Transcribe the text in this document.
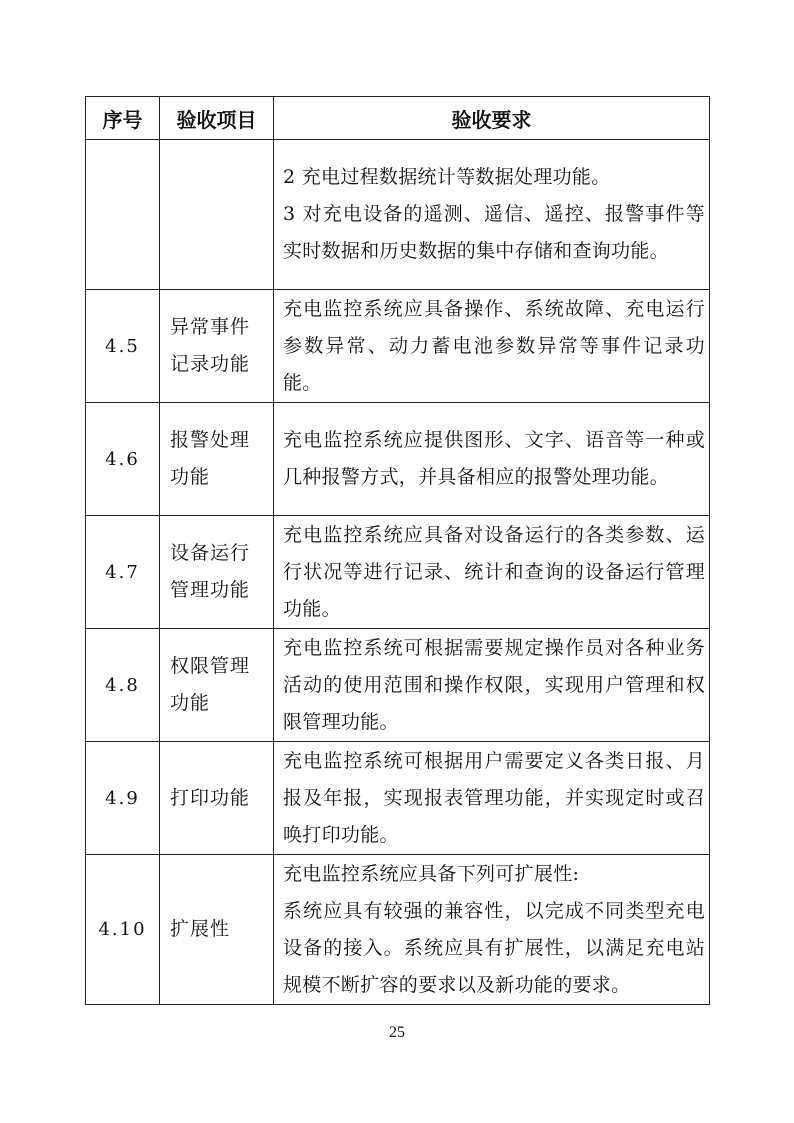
序号	验收项目	验收要求

		2 充电过程数据统计等数据处理功能。
3 对充电设备的遥测、遥信、遥控、报警事件等实时数据和历史数据的集中存储和查询功能。

4.5	异常事件记录功能	充电监控系统应具备操作、系统故障、充电运行参数异常、动力蓄电池参数异常等事件记录功能。

4.6	报警处理功能	充电监控系统应提供图形、文字、语音等一种或几种报警方式，并具备相应的报警处理功能。

4.7	设备运行管理功能	充电监控系统应具备对设备运行的各类参数、运行状况等进行记录、统计和查询的设备运行管理功能。

4.8	权限管理功能	充电监控系统可根据需要规定操作员对各种业务活动的使用范围和操作权限，实现用户管理和权限管理功能。

4.9	打印功能	充电监控系统可根据用户需要定义各类日报、月报及年报，实现报表管理功能，并实现定时或召唤打印功能。

4.10	扩展性	充电监控系统应具备下列可扩展性:
系统应具有较强的兼容性，以完成不同类型充电设备的接入。系统应具有扩展性，以满足充电站规模不断扩容的要求以及新功能的要求。
25
